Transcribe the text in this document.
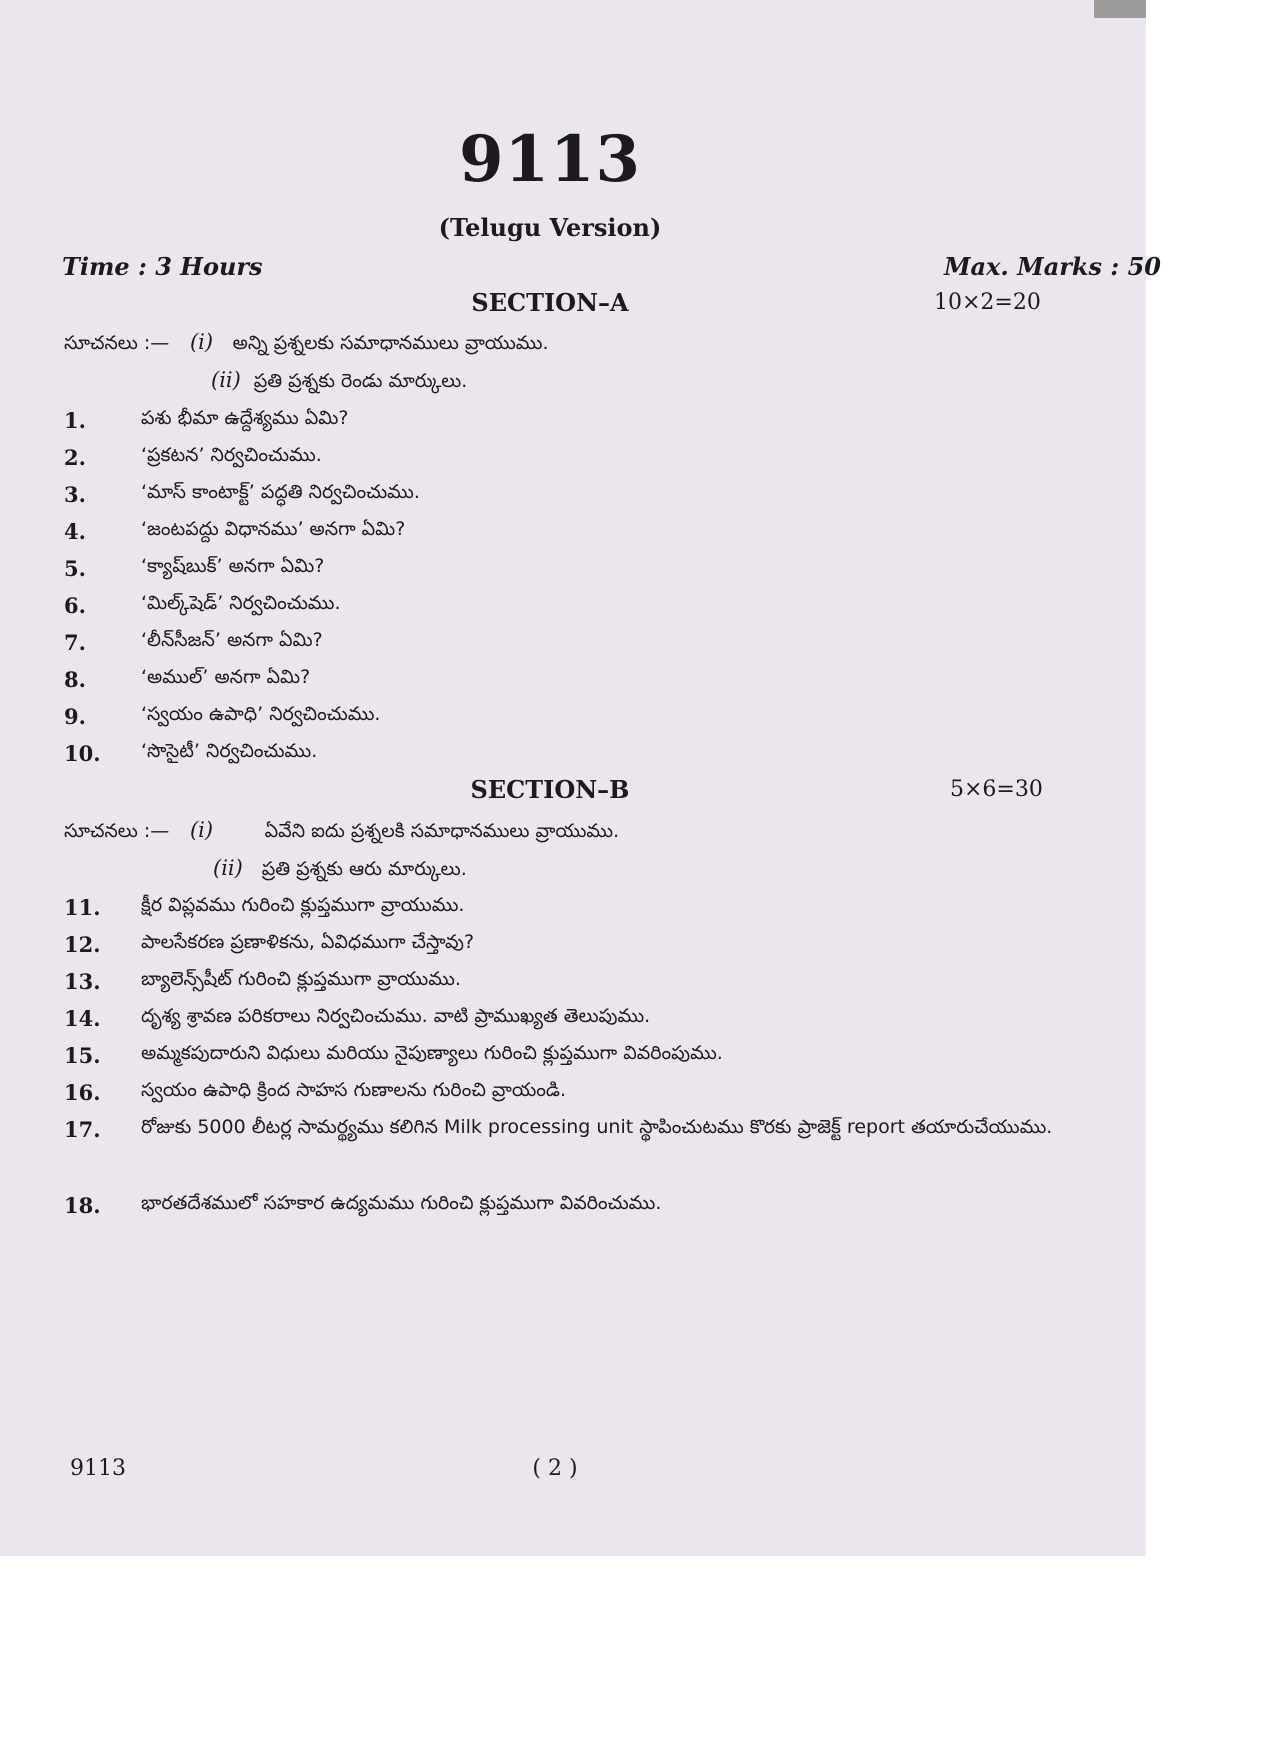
9113
(Telugu Version)
Time : 3 Hours	Max. Marks : 50
SECTION–A	10×2=20
సూచనలు :— (i) అన్ని ప్రశ్నలకు సమాధానములు వ్రాయుము.
(ii) ప్రతి ప్రశ్నకు రెండు మార్కులు.
1.	పశు భీమా ఉద్దేశ్యము ఏమి?
2.	‘ప్రకటన’ నిర్వచించుము.
3.	‘మాస్ కాంటాక్ట్’ పద్ధతి నిర్వచించుము.
4.	‘జంటపద్దు విధానము’ అనగా ఏమి?
5.	‘క్యాష్‌బుక్’ అనగా ఏమి?
6.	‘మిల్క్‌షెడ్’ నిర్వచించుము.
7.	‘లీన్‌సీజన్’ అనగా ఏమి?
8.	‘అముల్’ అనగా ఏమి?
9.	‘స్వయం ఉపాధి’ నిర్వచించుము.
10. ‘సొసైటీ’ నిర్వచించుము.
SECTION–B	5×6=30
సూచనలు :— (i)	ఏవేని ఐదు ప్రశ్నలకి సమాధానములు వ్రాయుము.
(ii) ప్రతి ప్రశ్నకు ఆరు మార్కులు.
11. క్షీర విప్లవము గురించి క్లుప్తముగా వ్రాయుము.
12. పాలసేకరణ ప్రణాళికను, ఏవిధముగా చేస్తావు?
13. బ్యాలెన్స్‌షీట్ గురించి క్లుప్తముగా వ్రాయుము.
14. దృశ్య శ్రావణ పరికరాలు నిర్వచించుము. వాటి ప్రాముఖ్యత తెలుపుము.
15. అమ్మకపుదారుని విధులు మరియు నైపుణ్యాలు గురించి క్లుప్తముగా వివరింపుము.
16. స్వయం ఉపాధి క్రింద సాహస గుణాలను గురించి వ్రాయండి.
17. రోజుకు 5000 లీటర్ల సామర్థ్యము కలిగిన Milk processing unit స్థాపించుటము కొరకు ప్రాజెక్ట్ report తయారుచేయుము.
18. భారతదేశములో సహకార ఉద్యమము గురించి క్లుప్తముగా వివరించుము.
9113	( 2 )
